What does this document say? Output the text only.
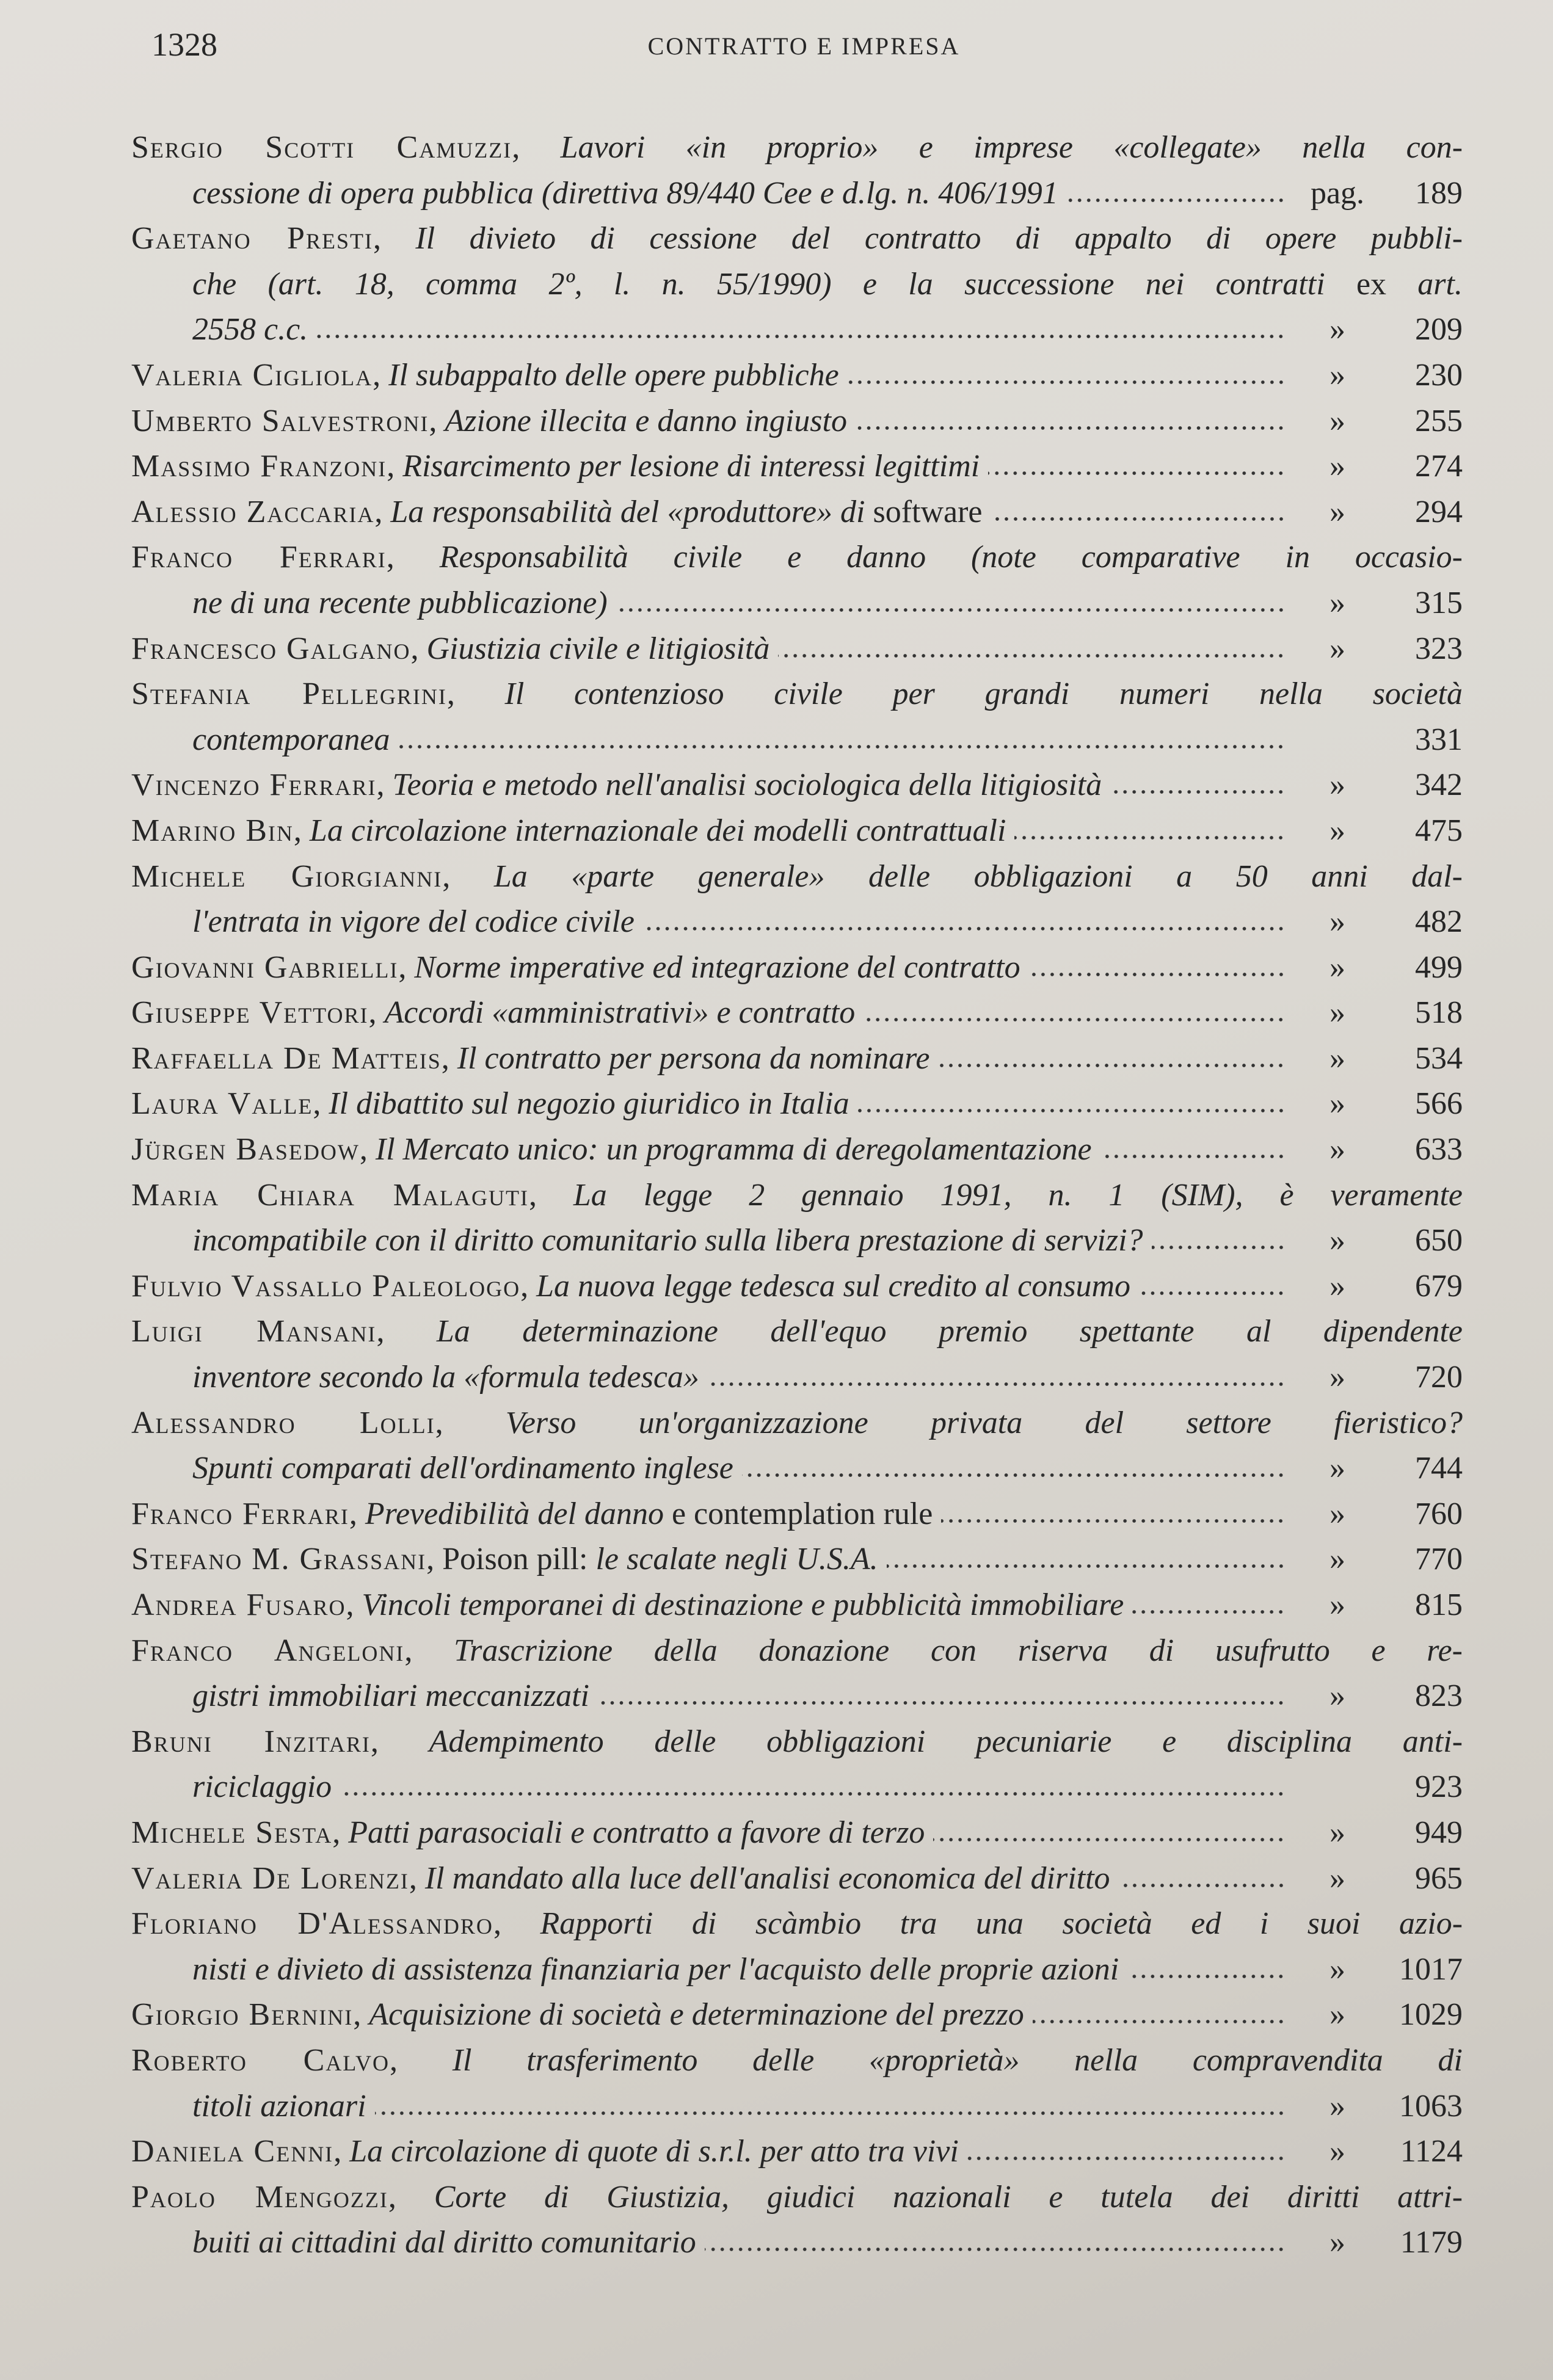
1328	CONTRATTO E IMPRESA
Sergio Scotti Camuzzi , Lavori «in proprio» e imprese «collegate» nella con-
cessione di opera pubblica (direttiva 89/440 Cee e d.lg. n. 406/1991	pag.	189
Gaetano Presti , Il divieto di cessione del contratto di appalto di opere pubbli-
che (art. 18, comma 2º, l. n. 55/1990) e la successione nei contratti ex art.
2558 c.c.	»	209
Valeria Cigliola , Il subappalto delle opere pubbliche	»	230
Umberto Salvestroni , Azione illecita e danno ingiusto	»	255
Massimo Franzoni , Risarcimento per lesione di interessi legittimi	»	274
Alessio Zaccaria , La responsabilità del «produttore» di software	»	294
Franco Ferrari , Responsabilità civile e danno (note comparative in occasio-
ne di una recente pubblicazione)	»	315
Francesco Galgano , Giustizia civile e litigiosità	»	323
Stefania Pellegrini , Il contenzioso civile per grandi numeri nella società
contemporanea	331
Vincenzo Ferrari , Teoria e metodo nell'analisi sociologica della litigiosità	»	342
Marino Bin , La circolazione internazionale dei modelli contrattuali	»	475
Michele Giorgianni , La «parte generale» delle obbligazioni a 50 anni dal-
l'entrata in vigore del codice civile	»	482
Giovanni Gabrielli , Norme imperative ed integrazione del contratto	»	499
Giuseppe Vettori , Accordi «amministrativi» e contratto	»	518
Raffaella De Matteis , Il contratto per persona da nominare	»	534
Laura Valle , Il dibattito sul negozio giuridico in Italia	»	566
Jürgen Basedow , Il Mercato unico: un programma di deregolamentazione	»	633
Maria Chiara Malaguti , La legge 2 gennaio 1991, n. 1 (SIM), è veramente
incompatibile con il diritto comunitario sulla libera prestazione di servizi?	»	650
Fulvio Vassallo Paleologo , La nuova legge tedesca sul credito al consumo	»	679
Luigi Mansani , La determinazione dell'equo premio spettante al dipendente
inventore secondo la «formula tedesca»	»	720
Alessandro Lolli , Verso un'organizzazione privata del settore fieristico?
Spunti comparati dell'ordinamento inglese	»	744
Franco Ferrari , Prevedibilità del danno e contemplation rule	»	760
Stefano M. Grassani , Poison pill: le scalate negli U.S.A.	»	770
Andrea Fusaro , Vincoli temporanei di destinazione e pubblicità immobiliare	»	815
Franco Angeloni , Trascrizione della donazione con riserva di usufrutto e re-
gistri immobiliari meccanizzati	»	823
Bruni Inzitari , Adempimento delle obbligazioni pecuniarie e disciplina anti-
riciclaggio	923
Michele Sesta , Patti parasociali e contratto a favore di terzo	»	949
Valeria De Lorenzi , Il mandato alla luce dell'analisi economica del diritto	»	965
Floriano D'Alessandro , Rapporti di scàmbio tra una società ed i suoi azio-
nisti e divieto di assistenza finanziaria per l'acquisto delle proprie azioni	»	1017
Giorgio Bernini , Acquisizione di società e determinazione del prezzo	»	1029
Roberto Calvo , Il trasferimento delle «proprietà» nella compravendita di
titoli azionari	»	1063
Daniela Cenni , La circolazione di quote di s.r.l. per atto tra vivi	»	1124
Paolo Mengozzi , Corte di Giustizia, giudici nazionali e tutela dei diritti attri-
buiti ai cittadini dal diritto comunitario	»	1179
